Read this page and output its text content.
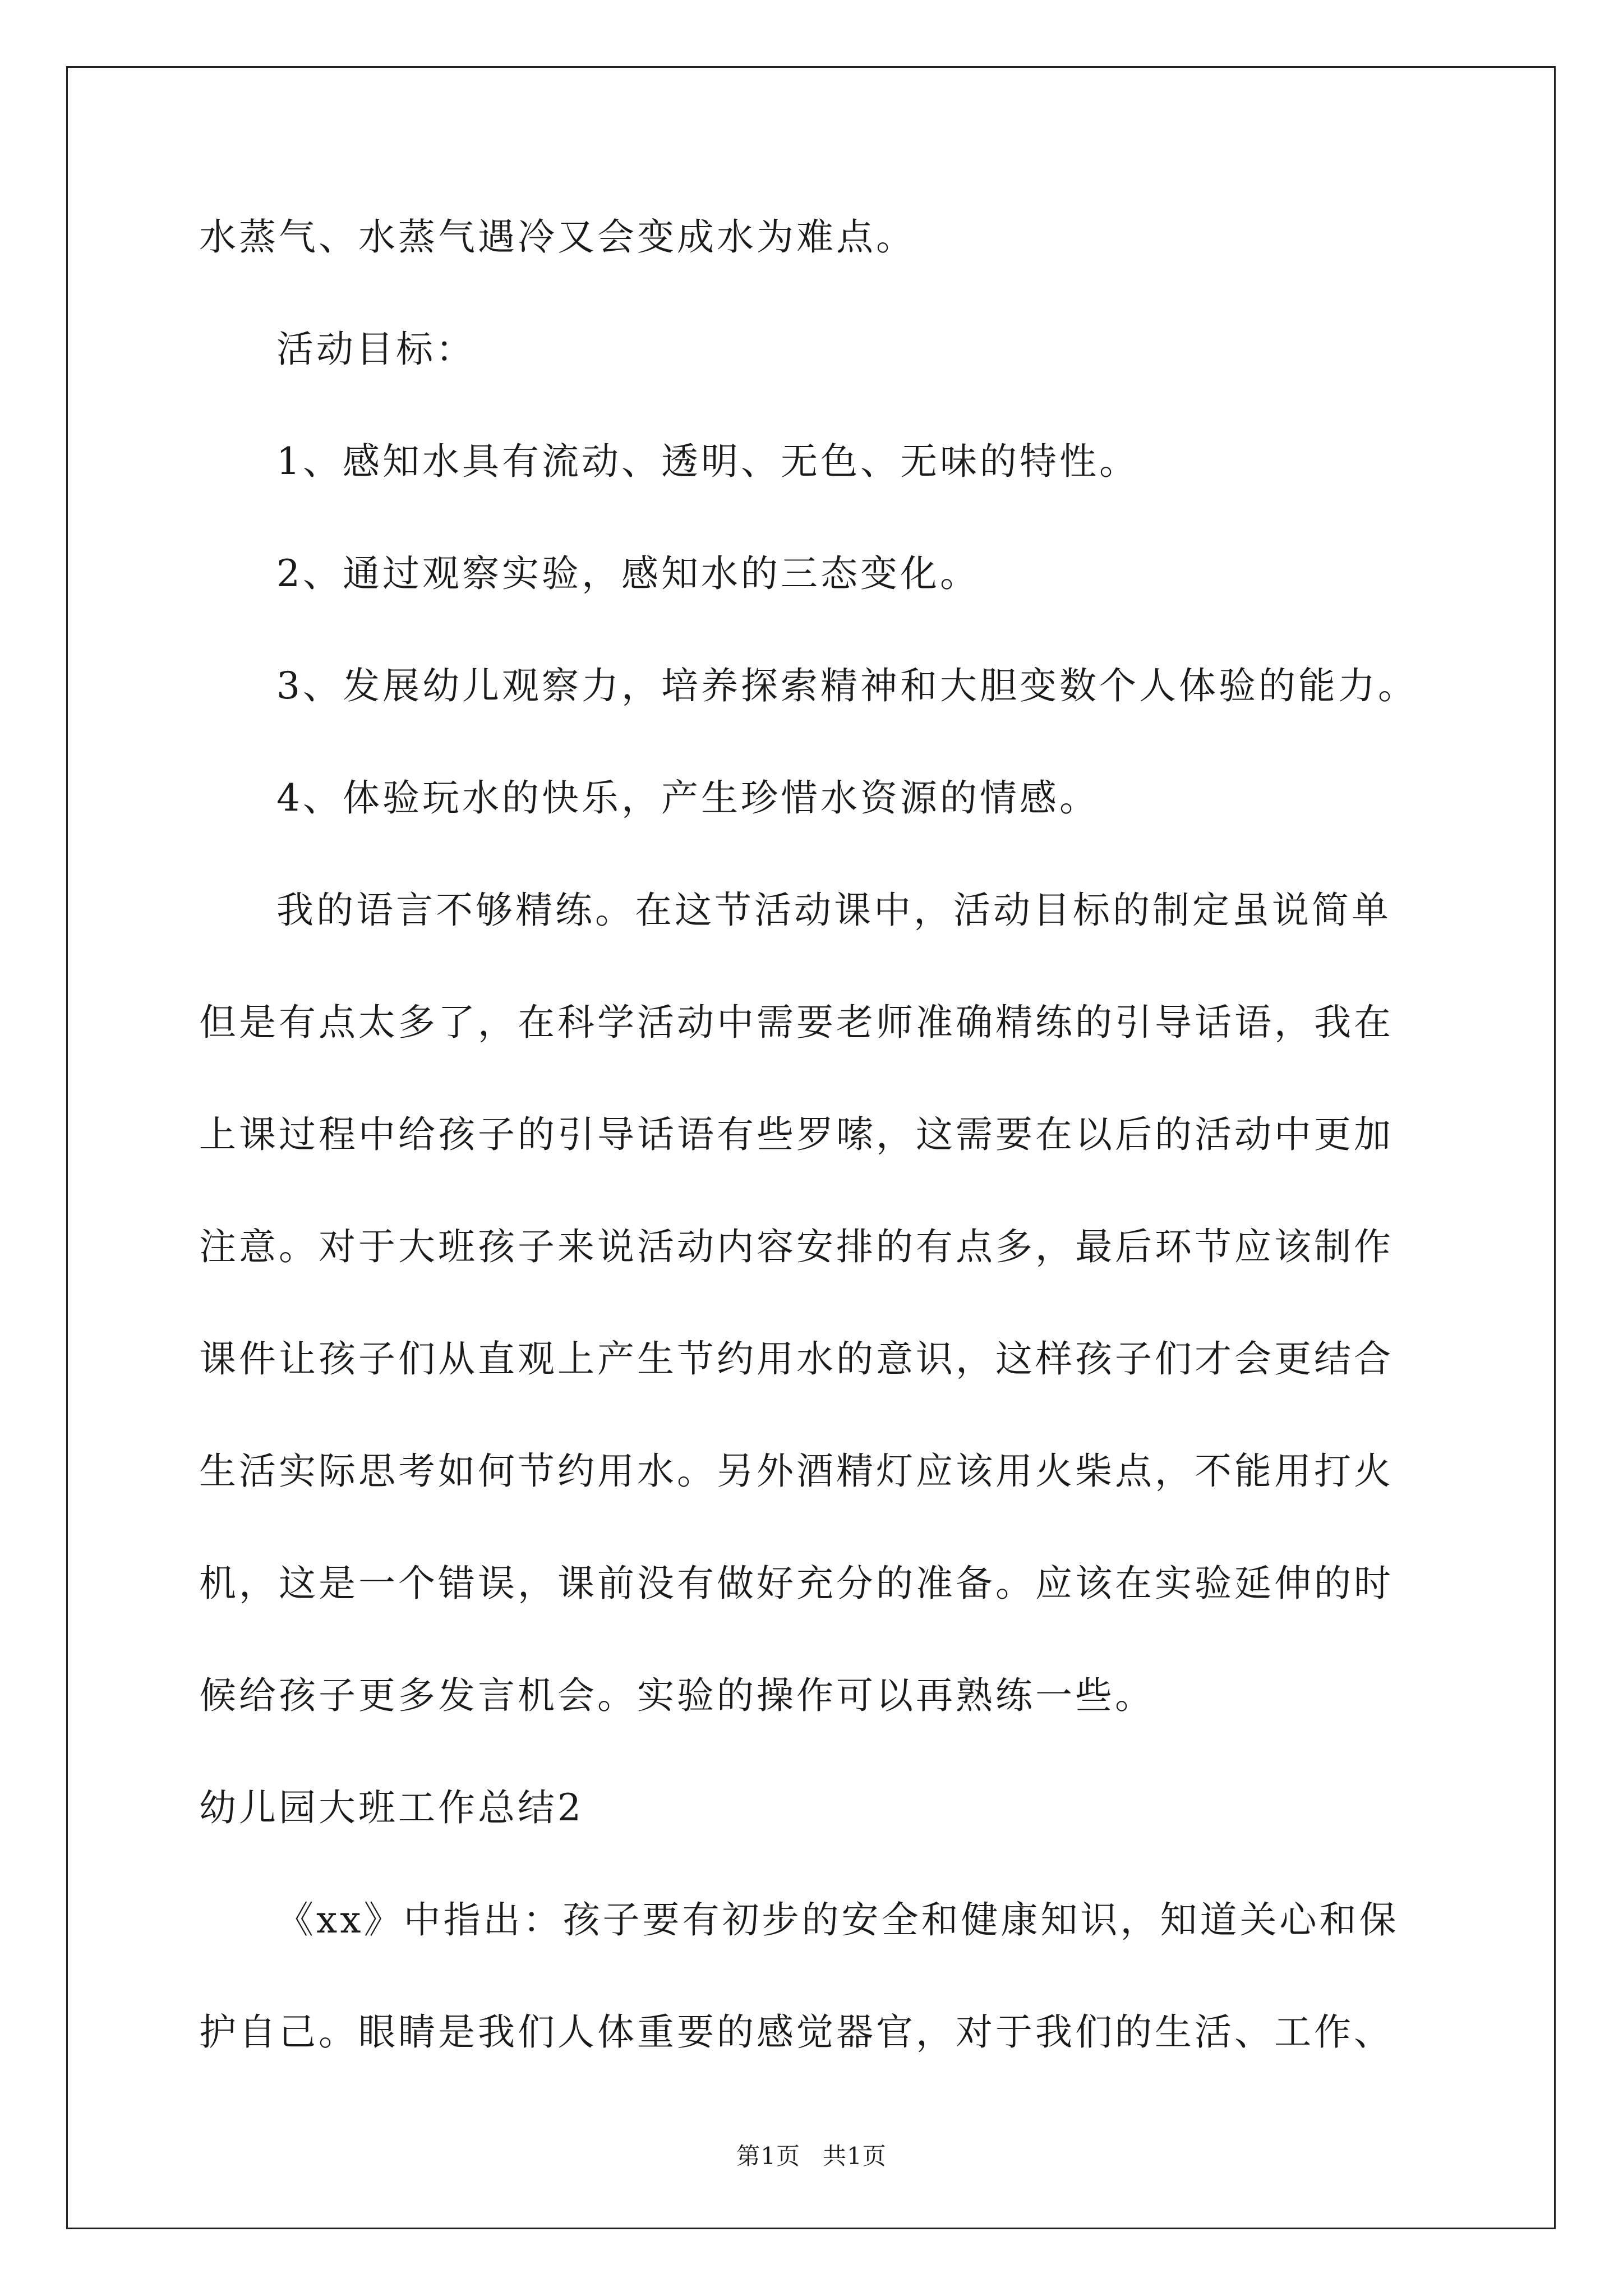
水蒸气、水蒸气遇冷又会变成水为难点。
活动目标：
1、感知水具有流动、透明、无色、无味的特性。
2、通过观察实验，感知水的三态变化。
3、发展幼儿观察力，培养探索精神和大胆变数个人体验的能力。
4、体验玩水的快乐，产生珍惜水资源的情感。
我的语言不够精练。在这节活动课中，活动目标的制定虽说简单
但是有点太多了，在科学活动中需要老师准确精练的引导话语，我在
上课过程中给孩子的引导话语有些罗嗦，这需要在以后的活动中更加
注意。对于大班孩子来说活动内容安排的有点多，最后环节应该制作
课件让孩子们从直观上产生节约用水的意识，这样孩子们才会更结合
生活实际思考如何节约用水。另外酒精灯应该用火柴点，不能用打火
机，这是一个错误，课前没有做好充分的准备。应该在实验延伸的时
候给孩子更多发言机会。实验的操作可以再熟练一些。
幼儿园大班工作总结2
《xx》中指出：孩子要有初步的安全和健康知识，知道关心和保
护自己。眼睛是我们人体重要的感觉器官，对于我们的生活、工作、
第1页 共1页
